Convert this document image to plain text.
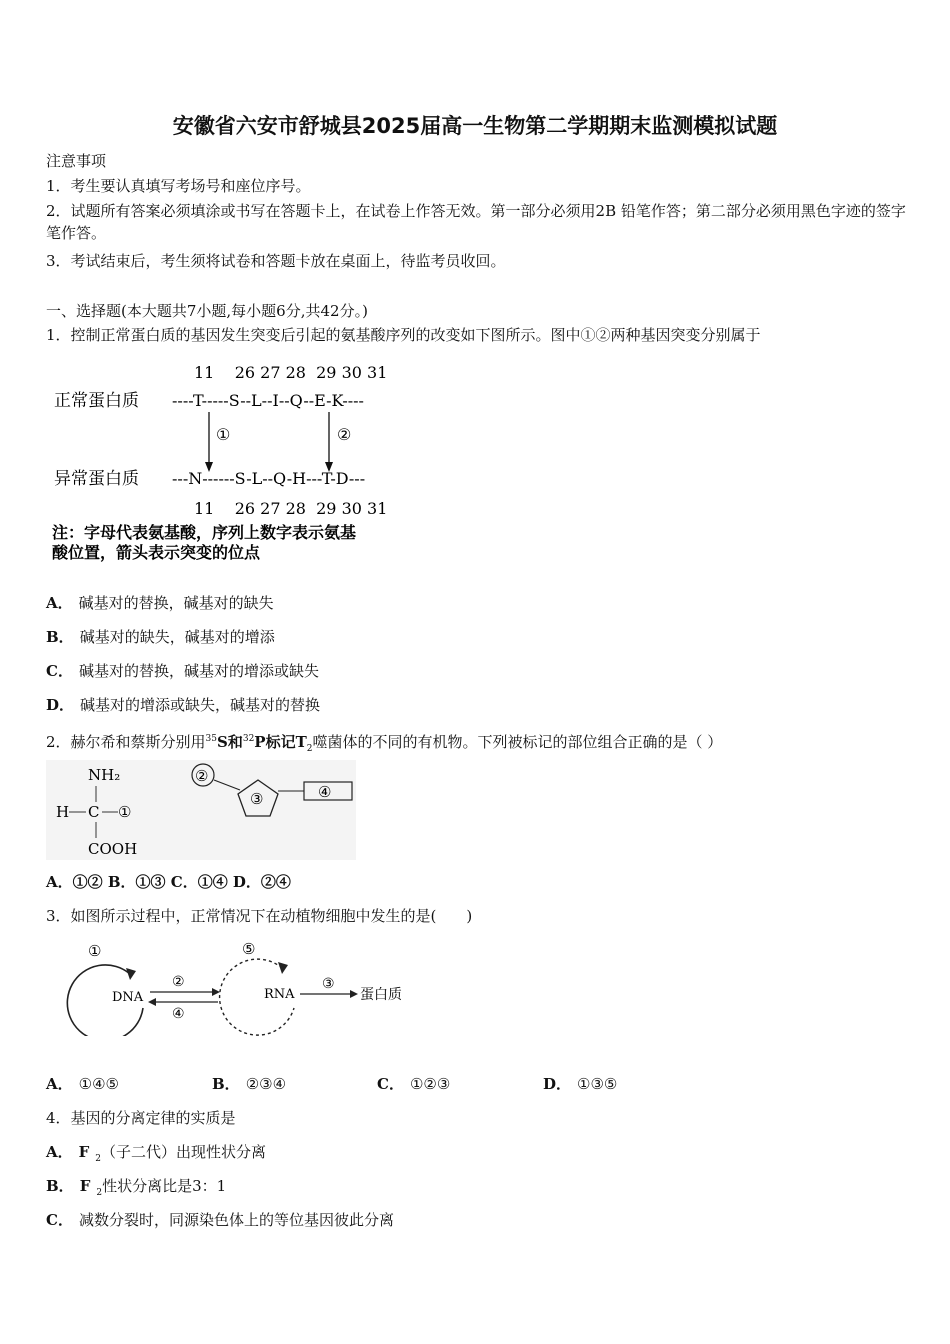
安徽省六安市舒城县2025届高一生物第二学期期末监测模拟试题
注意事项
1．考生要认真填写考场号和座位序号。
2．试题所有答案必须填涂或书写在答题卡上，在试卷上作答无效。第一部分必须用2B 铅笔作答；第二部分必须用黑色字迹的签字笔作答。
3．考试结束后，考生须将试卷和答题卡放在桌面上，待监考员收回。
一、选择题(本大题共7小题,每小题6分,共42分。)
1．控制正常蛋白质的基因发生突变后引起的氨基酸序列的改变如下图所示。图中①②两种基因突变分别属于
11    26 27 28  29 30 31
正常蛋白质 ----T-----S--L--I--Q--E-K----
①	②
异常蛋白质 ---N------S-L--Q-H---T-D---
11    26 27 28  29 30 31
注：字母代表氨基酸，序列上数字表示氨基
酸位置，箭头表示突变的位点
A． 碱基对的替换，碱基对的缺失
B． 碱基对的缺失，碱基对的增添
C． 碱基对的替换，碱基对的增添或缺失
D． 碱基对的增添或缺失，碱基对的替换
2．赫尔希和蔡斯分别用$^{35}$S和$^{32}$P标记$T_2$噬菌体的不同的有机物。下列被标记的部位组合正确的是（ ）
NH₂
H C ①
COOH
②
③	④
A．①② B．①③ C．①④ D．②④
3．如图所示过程中，正常情况下在动植物细胞中发生的是(　　)
①
DNA
②
④
⑤
RNA
③
蛋白质
A． ①④⑤	B． ②③④	C． ①②③	D． ①③⑤
4．基因的分离定律的实质是
A． F $_2$（子二代）出现性状分离
B． F $_2$性状分离比是3：1
C． 减数分裂时，同源染色体上的等位基因彼此分离
